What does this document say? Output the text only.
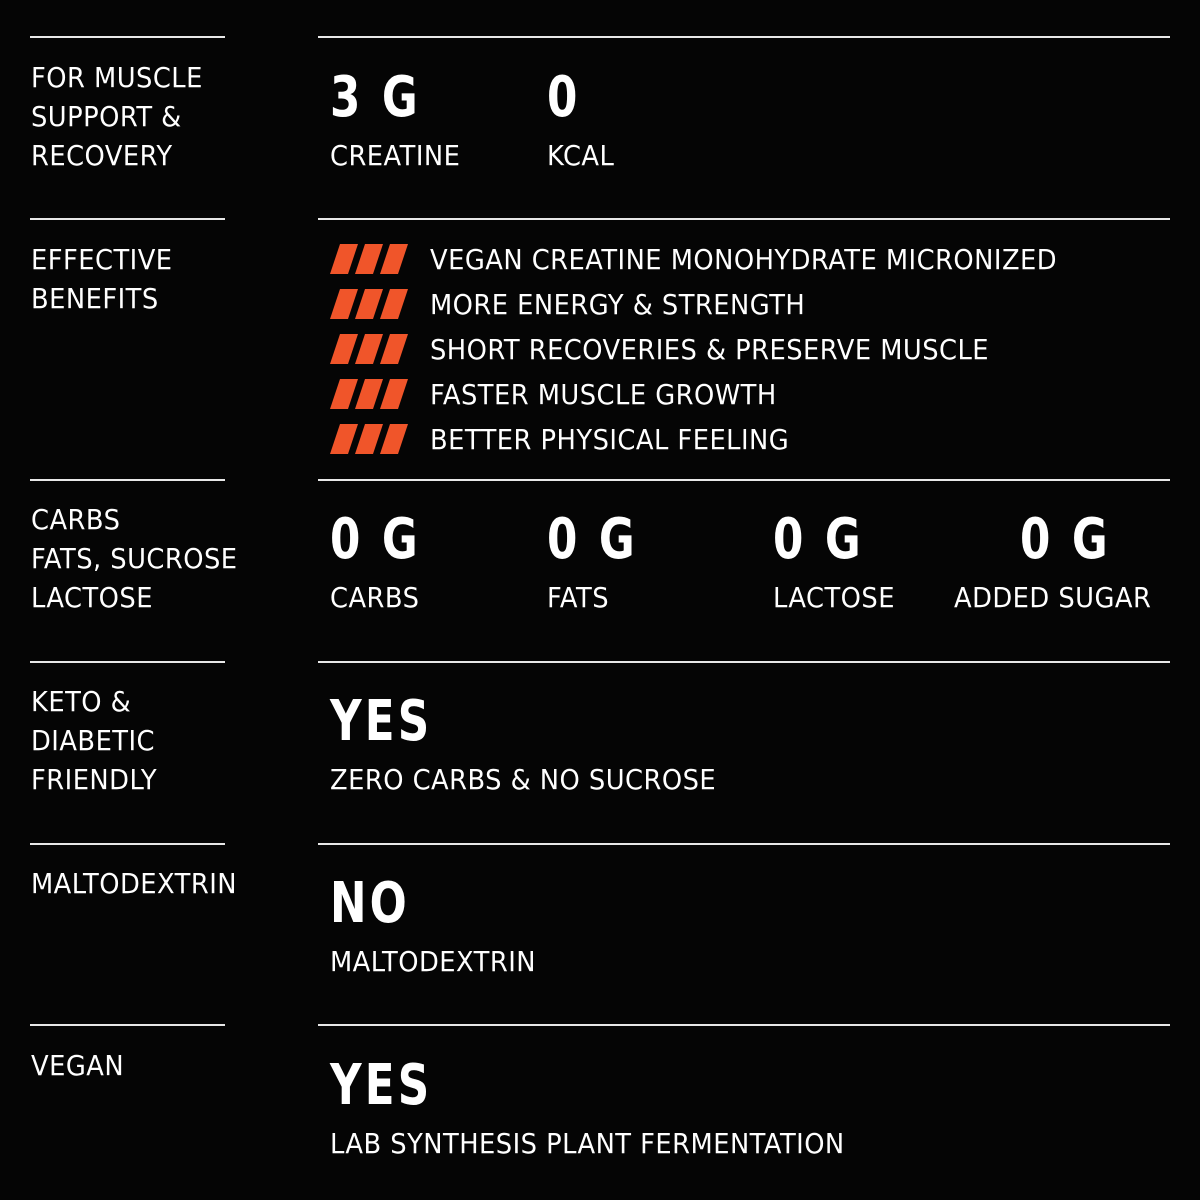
FOR MUSCLE
SUPPORT &
RECOVERY
3 G
CREATINE
0
KCAL
EFFECTIVE
BENEFITS
VEGAN CREATINE MONOHYDRATE MICRONIZED
MORE ENERGY & STRENGTH
SHORT RECOVERIES & PRESERVE MUSCLE
FASTER MUSCLE GROWTH
BETTER PHYSICAL FEELING
CARBS
FATS, SUCROSE
LACTOSE
0 G
CARBS
0 G
FATS
0 G
LACTOSE
0 G
ADDED SUGAR
KETO &
DIABETIC
FRIENDLY
YES
ZERO CARBS & NO SUCROSE
MALTODEXTRIN	NO
MALTODEXTRIN
VEGAN	YES
LAB SYNTHESIS PLANT FERMENTATION
